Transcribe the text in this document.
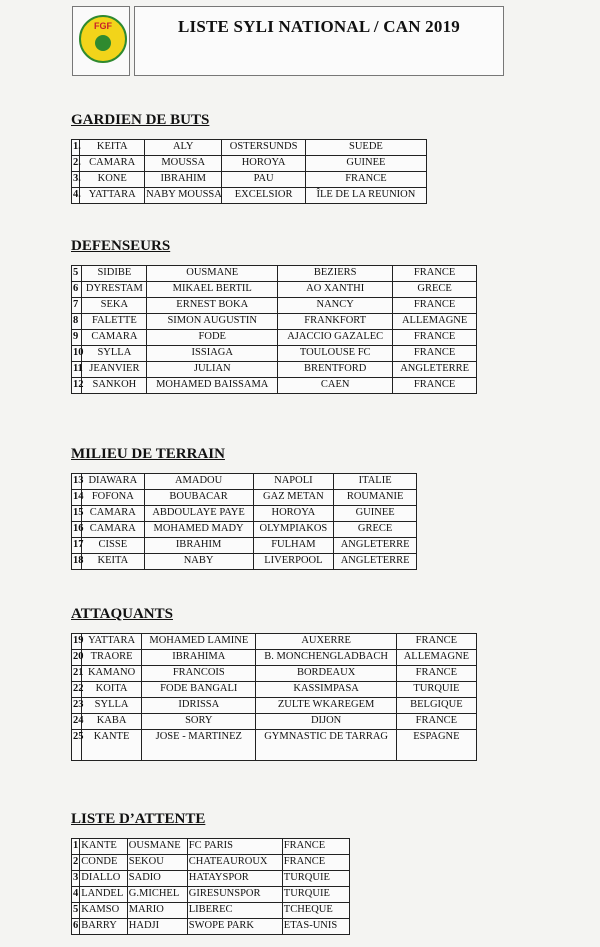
FGF	LISTE SYLI NATIONAL / CAN 2019
GARDIEN DE BUTS
DEFENSEURS
MILIEU DE TERRAIN
ATTAQUANTS
LISTE D’ATTENTE
1.	KEITA	ALY	OSTERSUNDS	SUEDE
2.	CAMARA	MOUSSA	HOROYA	GUINEE
3.	KONE	IBRAHIM	PAU	FRANCE
4.	YATTARA	NABY MOUSSA	EXCELSIOR	ÎLE DE LA REUNION
5	SIDIBE	OUSMANE	BEZIERS	FRANCE
6	DYRESTAM	MIKAEL BERTIL	AO XANTHI	GRECE
7	SEKA	ERNEST BOKA	NANCY	FRANCE
8	FALETTE	SIMON AUGUSTIN	FRANKFORT	ALLEMAGNE
9	CAMARA	FODE	AJACCIO GAZALEC	FRANCE
10	SYLLA	ISSIAGA	TOULOUSE FC	FRANCE
11	JEANVIER	JULIAN	BRENTFORD	ANGLETERRE
12	SANKOH	MOHAMED BAISSAMA	CAEN	FRANCE
13	DIAWARA	AMADOU	NAPOLI	ITALIE
14	FOFONA	BOUBACAR	GAZ METAN	ROUMANIE
15	CAMARA	ABDOULAYE PAYE	HOROYA	GUINEE
16	CAMARA	MOHAMED MADY	OLYMPIAKOS	GRECE
17	CISSE	IBRAHIM	FULHAM	ANGLETERRE
18	KEITA	NABY	LIVERPOOL	ANGLETERRE
19	YATTARA	MOHAMED LAMINE	AUXERRE	FRANCE
20	TRAORE	IBRAHIMA	B. MONCHENGLADBACH	ALLEMAGNE
21	KAMANO	FRANCOIS	BORDEAUX	FRANCE
22	KOITA	FODE BANGALI	KASSIMPASA	TURQUIE
23	SYLLA	IDRISSA	ZULTE WKAREGEM	BELGIQUE
24	KABA	SORY	DIJON	FRANCE
25	KANTE	JOSE - MARTINEZ	GYMNASTIC DE TARRAG	ESPAGNE
1	KANTE	OUSMANE	FC PARIS	FRANCE
2	CONDE	SEKOU	CHATEAUROUX	FRANCE
3	DIALLO	SADIO	HATAYSPOR	TURQUIE
4	LANDEL	G.MICHEL	GIRESUNSPOR	TURQUIE
5	KAMSO	MARIO	LIBEREC	TCHEQUE
6	BARRY	HADJI	SWOPE PARK	ETAS-UNIS
